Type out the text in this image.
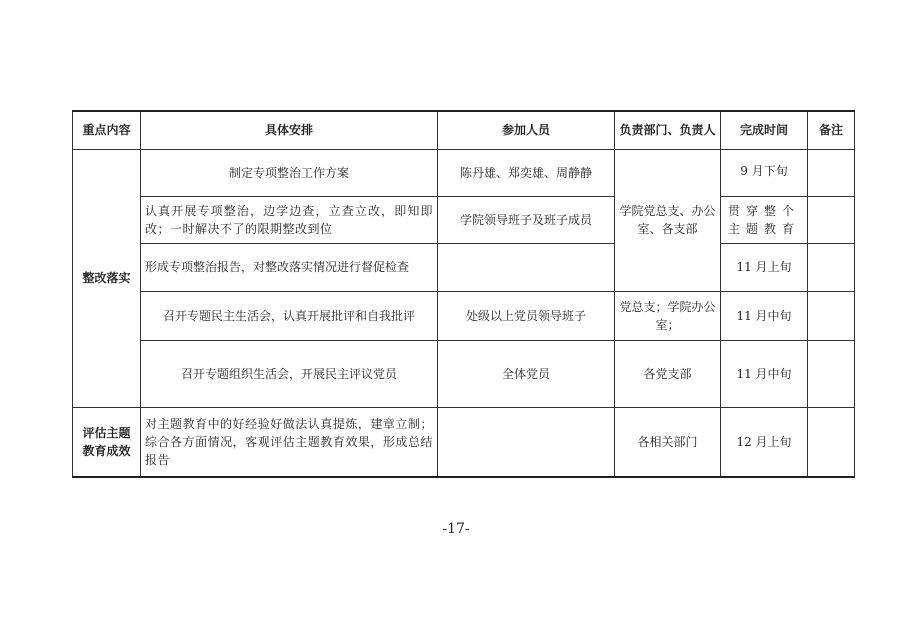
重点内容	具体安排	参加人员	负责部门、负责人	完成时间	备注
整改落实	制定专项整治工作方案	陈丹雄、郑奕雄、周静静	学院党总支、办公室、各支部	9 月下旬	
	认真开展专项整治，边学边查，立查立改，即知即改；一时解决不了的限期整改到位	学院领导班子及班子成员		贯穿整个主题教育	
	形成专项整治报告，对整改落实情况进行督促检查			11 月上旬	
	召开专题民主生活会，认真开展批评和自我批评	处级以上党员领导班子	党总支；学院办公室；	11 月中旬	
	召开专题组织生活会，开展民主评议党员	全体党员	各党支部	11 月中旬	
评估主题教育成效	对主题教育中的好经验好做法认真提炼，建章立制；综合各方面情况，客观评估主题教育效果，形成总结报告		各相关部门	12 月上旬	
-17-
